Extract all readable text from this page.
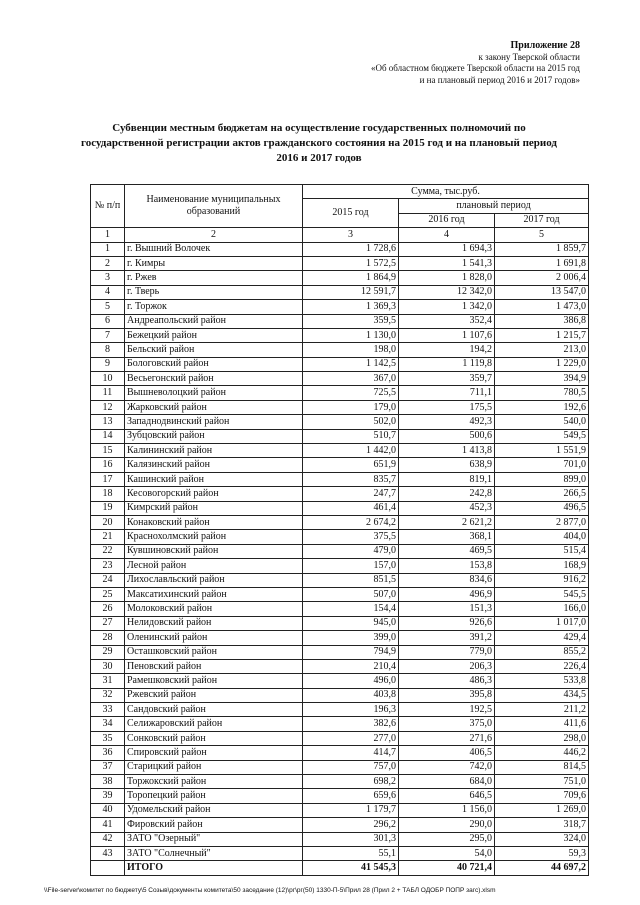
Приложение 28
к закону Тверской области
«Об областном бюджете Тверской области на 2015 год
и на плановый период 2016 и 2017 годов»
Субвенции местным бюджетам на осуществление государственных полномочий по государственной регистрации актов гражданского состояния на 2015 год и на плановый период 2016 и 2017 годов
№ п/п	Наименование муниципальных образований	Сумма, тыс.руб.		
		2015 год	плановый период	
			2016 год	2017 год
1	2	3	4	5
1	г. Вышний Волочек	1 728,6	1 694,3	1 859,7
2	г. Кимры	1 572,5	1 541,3	1 691,8
3	г. Ржев	1 864,9	1 828,0	2 006,4
4	г. Тверь	12 591,7	12 342,0	13 547,0
5	г. Торжок	1 369,3	1 342,0	1 473,0
6	Андреапольский район	359,5	352,4	386,8
7	Бежецкий район	1 130,0	1 107,6	1 215,7
8	Бельский район	198,0	194,2	213,0
9	Бологовский район	1 142,5	1 119,8	1 229,0
10	Весьегонский район	367,0	359,7	394,9
11	Вышневолоцкий район	725,5	711,1	780,5
12	Жарковский район	179,0	175,5	192,6
13	Западнодвинский район	502,0	492,3	540,0
14	Зубцовский район	510,7	500,6	549,5
15	Калининский район	1 442,0	1 413,8	1 551,9
16	Калязинский район	651,9	638,9	701,0
17	Кашинский район	835,7	819,1	899,0
18	Кесовогорский район	247,7	242,8	266,5
19	Кимрский район	461,4	452,3	496,5
20	Конаковский район	2 674,2	2 621,2	2 877,0
21	Краснохолмский район	375,5	368,1	404,0
22	Кувшиновский район	479,0	469,5	515,4
23	Лесной район	157,0	153,8	168,9
24	Лихославльский район	851,5	834,6	916,2
25	Максатихинский район	507,0	496,9	545,5
26	Молоковский район	154,4	151,3	166,0
27	Нелидовский район	945,0	926,6	1 017,0
28	Оленинский район	399,0	391,2	429,4
29	Осташковский район	794,9	779,0	855,2
30	Пеновский район	210,4	206,3	226,4
31	Рамешковский район	496,0	486,3	533,8
32	Ржевский район	403,8	395,8	434,5
33	Сандовский район	196,3	192,5	211,2
34	Селижаровский район	382,6	375,0	411,6
35	Сонковский район	277,0	271,6	298,0
36	Спировский район	414,7	406,5	446,2
37	Старицкий район	757,0	742,0	814,5
38	Торжокский район	698,2	684,0	751,0
39	Торопецкий район	659,6	646,5	709,6
40	Удомельский район	1 179,7	1 156,0	1 269,0
41	Фировский район	296,2	290,0	318,7
42	ЗАТО "Озерный"	301,3	295,0	324,0
43	ЗАТО "Солнечный"	55,1	54,0	59,3
	ИТОГО	41 545,3	40 721,4	44 697,2
\\File-server\комитет по бюджету\5 Созыв\документы комитета\50 заседание (12)\рг\рг(50) 1330-П-5\Прил 28 (Прил 2 + ТАБЛ ОДОБР ПОПР загс).xlsm
